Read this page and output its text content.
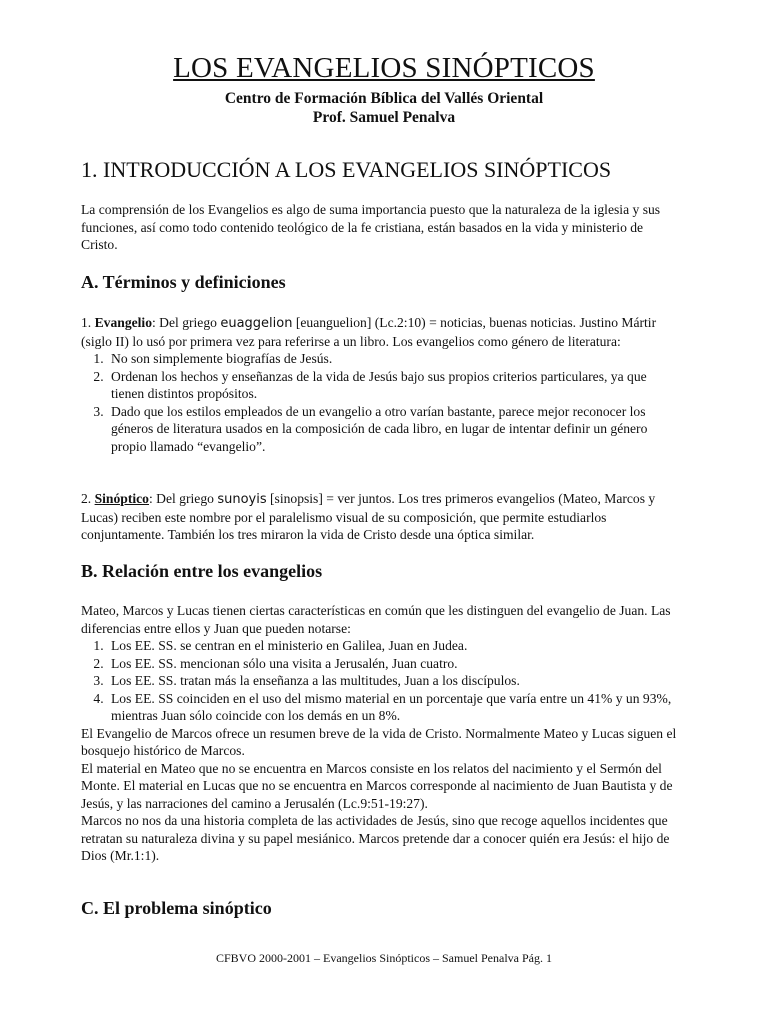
LOS EVANGELIOS SINÓPTICOS
Centro de Formación Bíblica del Vallés Oriental
Prof. Samuel Penalva
1. INTRODUCCIÓN A LOS EVANGELIOS SINÓPTICOS

La comprensión de los Evangelios es algo de suma importancia puesto que la naturaleza de la iglesia y sus funciones, así como todo contenido teológico de la fe cristiana, están basados en la vida y ministerio de Cristo.

A. Términos y definiciones

1. Evangelio: Del griego euaggelion [euanguelion] (Lc.2:10) = noticias, buenas noticias. Justino Mártir (siglo II) lo usó por primera vez para referirse a un libro. Los evangelios como género de literatura:

1. No son simplemente biografías de Jesús.
2. Ordenan los hechos y enseñanzas de la vida de Jesús bajo sus propios criterios particulares, ya que tienen distintos propósitos.
3. Dado que los estilos empleados de un evangelio a otro varían bastante, parece mejor reconocer los géneros de literatura usados en la composición de cada libro, en lugar de intentar definir un género propio llamado “evangelio”.

2. Sinóptico: Del griego sunoyis [sinopsis] = ver juntos. Los tres primeros evangelios (Mateo, Marcos y Lucas) reciben este nombre por el paralelismo visual de su composición, que permite estudiarlos conjuntamente. También los tres miraron la vida de Cristo desde una óptica similar.

B. Relación entre los evangelios

Mateo, Marcos y Lucas tienen ciertas características en común que les distinguen del evangelio de Juan. Las diferencias entre ellos y Juan que pueden notarse:

1. Los EE. SS. se centran en el ministerio en Galilea, Juan en Judea.
2. Los EE. SS. mencionan sólo una visita a Jerusalén, Juan cuatro.
3. Los EE. SS. tratan más la enseñanza a las multitudes, Juan a los discípulos.
4. Los EE. SS coinciden en el uso del mismo material en un porcentaje que varía entre un 41% y un 93%, mientras Juan sólo coincide con los demás en un 8%.

El Evangelio de Marcos ofrece un resumen breve de la vida de Cristo. Normalmente Mateo y Lucas siguen el bosquejo histórico de Marcos.

El material en Mateo que no se encuentra en Marcos consiste en los relatos del nacimiento y el Sermón del Monte. El material en Lucas que no se encuentra en Marcos corresponde al nacimiento de Juan Bautista y de Jesús, y las narraciones del camino a Jerusalén (Lc.9:51-19:27).

Marcos no nos da una historia completa de las actividades de Jesús, sino que recoge aquellos incidentes que retratan su naturaleza divina y su papel mesiánico. Marcos pretende dar a conocer quién era Jesús: el hijo de Dios (Mr.1:1).

C. El problema sinóptico
CFBVO 2000-2001 – Evangelios Sinópticos – Samuel Penalva Pág. 1
